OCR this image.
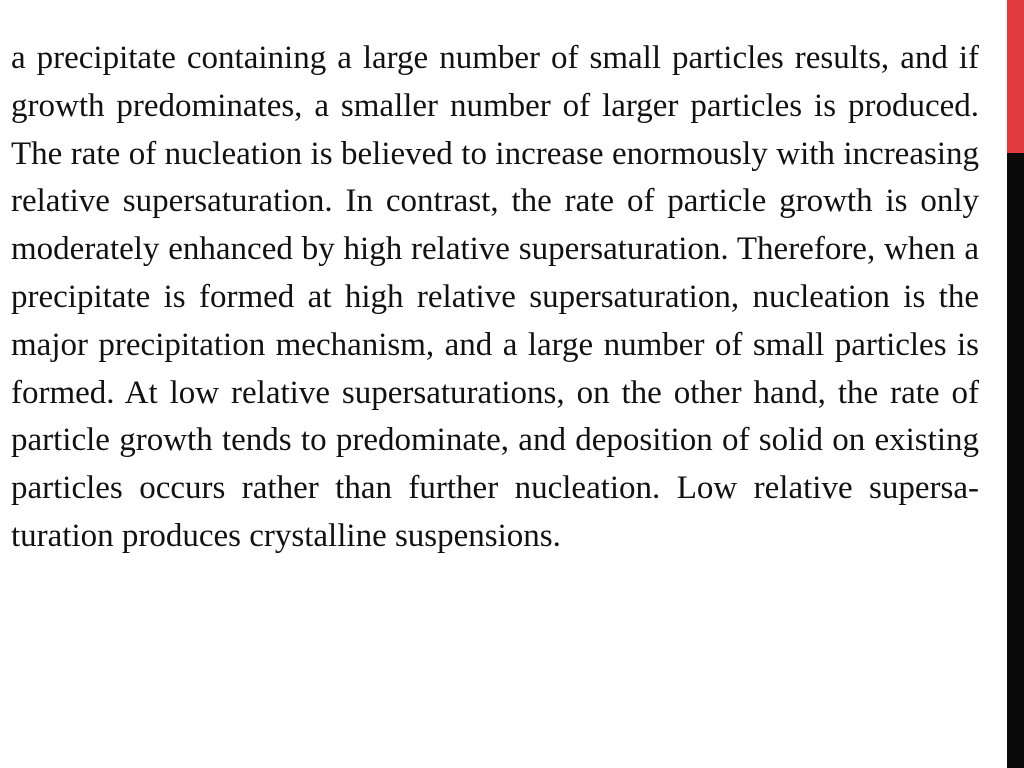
a precipitate containing a large number of small particles results, and if growth predominates, a smaller number of larger particles is produced. The rate of nucleation is believed to increase enormously with increasing relative supersaturation. In contrast, the rate of particle growth is only moderately enhanced by high relative supersaturation. Therefore, when a precipitate is formed at high relative supersaturation, nucleation is the major precipitation mechanism, and a large number of small particles is formed. At low relative supersaturations, on the other hand, the rate of particle growth tends to predominate, and deposition of solid on existing particles occurs rather than further nucleation. Low relative supersa- turation produces crystalline suspensions.
